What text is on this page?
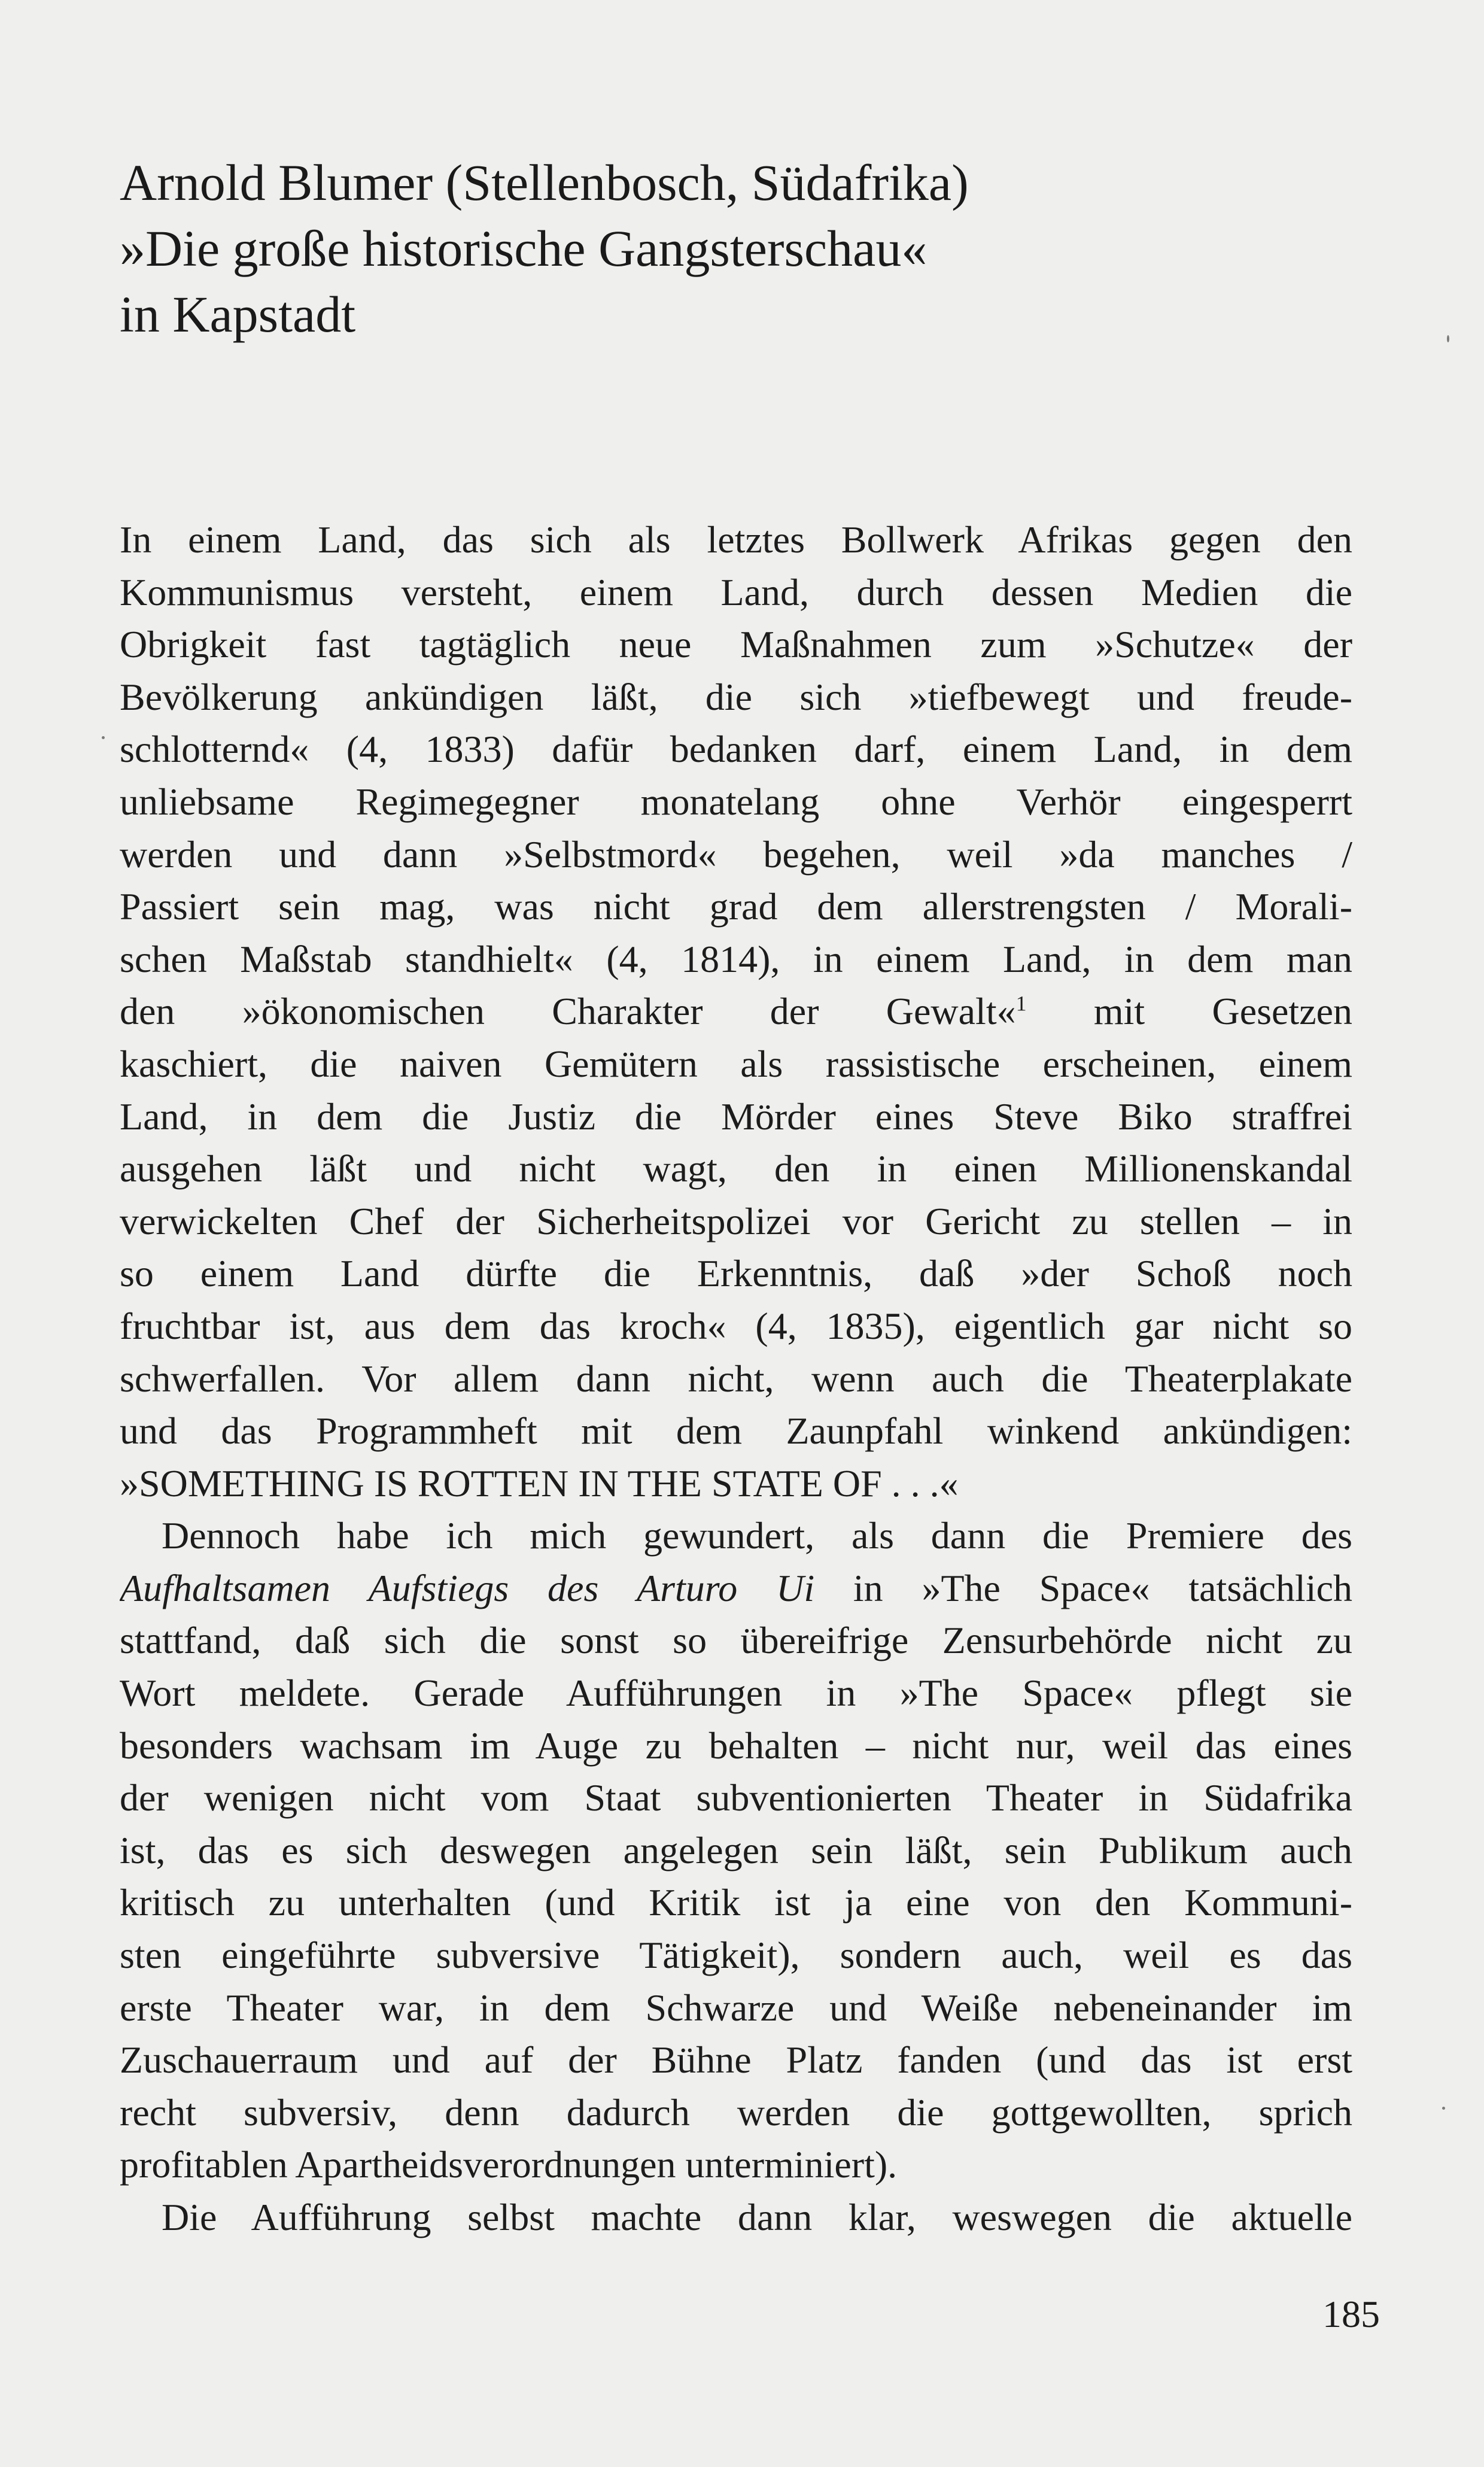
Arnold Blumer (Stellenbosch, Südafrika)
»Die große historische Gangsterschau«
in Kapstadt
In einem Land, das sich als letztes Bollwerk Afrikas gegen den
Kommunismus versteht, einem Land, durch dessen Medien die
Obrigkeit fast tagtäglich neue Maßnahmen zum »Schutze« der
Bevölkerung ankündigen läßt, die sich »tiefbewegt und freude-
schlotternd« (4, 1833) dafür bedanken darf, einem Land, in dem
unliebsame Regimegegner monatelang ohne Verhör eingesperrt
werden und dann »Selbstmord« begehen, weil »da manches /
Passiert sein mag, was nicht grad dem allerstrengsten / Morali-
schen Maßstab standhielt« (4, 1814), in einem Land, in dem man
den »ökonomischen Charakter der Gewalt«$^1$ mit Gesetzen
kaschiert, die naiven Gemütern als rassistische erscheinen, einem
Land, in dem die Justiz die Mörder eines Steve Biko straffrei
ausgehen läßt und nicht wagt, den in einen Millionenskandal
verwickelten Chef der Sicherheitspolizei vor Gericht zu stellen – in
so einem Land dürfte die Erkenntnis, daß »der Schoß noch
fruchtbar ist, aus dem das kroch« (4, 1835), eigentlich gar nicht so
schwerfallen. Vor allem dann nicht, wenn auch die Theaterplakate
und das Programmheft mit dem Zaunpfahl winkend ankündigen:
»SOMETHING IS ROTTEN IN THE STATE OF . . .«
Dennoch habe ich mich gewundert, als dann die Premiere des
Aufhaltsamen Aufstiegs des Arturo Ui in »The Space« tatsächlich
stattfand, daß sich die sonst so übereifrige Zensurbehörde nicht zu
Wort meldete. Gerade Aufführungen in »The Space« pflegt sie
besonders wachsam im Auge zu behalten – nicht nur, weil das eines
der wenigen nicht vom Staat subventionierten Theater in Südafrika
ist, das es sich deswegen angelegen sein läßt, sein Publikum auch
kritisch zu unterhalten (und Kritik ist ja eine von den Kommuni-
sten eingeführte subversive Tätigkeit), sondern auch, weil es das
erste Theater war, in dem Schwarze und Weiße nebeneinander im
Zuschauerraum und auf der Bühne Platz fanden (und das ist erst
recht subversiv, denn dadurch werden die gottgewollten, sprich
profitablen Apartheidsverordnungen unterminiert).
Die Aufführung selbst machte dann klar, weswegen die aktuelle
185
